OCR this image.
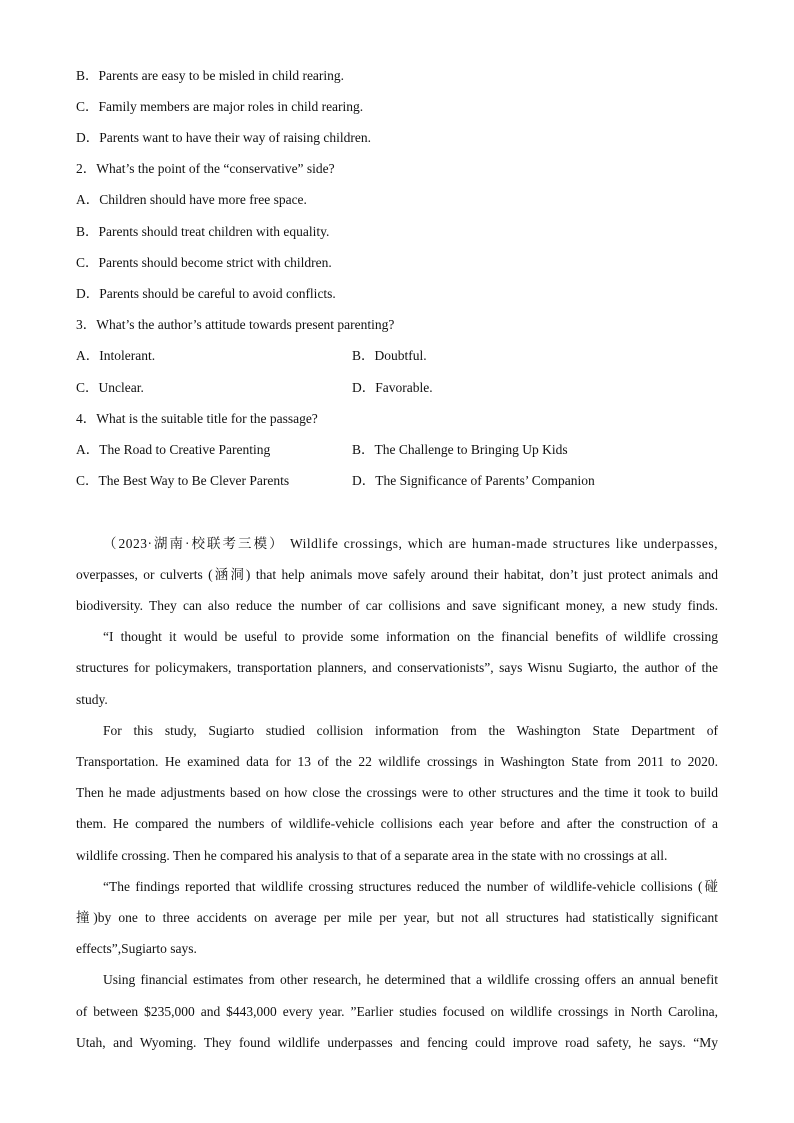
B．Parents are easy to be misled in child rearing.
C．Family members are major roles in child rearing.
D．Parents want to have their way of raising children.
2．What’s the point of the “conservative” side?
A．Children should have more free space.
B．Parents should treat children with equality.
C．Parents should become strict with children.
D．Parents should be careful to avoid conflicts.
3．What’s the author’s attitude towards present parenting?
A．Intolerant.	B．Doubtful.
C．Unclear.	D．Favorable.
4．What is the suitable title for the passage?
A．The Road to Creative Parenting	B．The Challenge to Bringing Up Kids
C．The Best Way to Be Clever Parents	D．The Significance of Parents’ Companion
（2023·湖南·校联考三模） Wildlife crossings, which are human-made structures like underpasses,
overpasses, or culverts (涵洞) that help animals move safely around their habitat, don’t just protect animals and
biodiversity. They can also reduce the number of car collisions and save significant money, a new study finds.
“I thought it would be useful to provide some information on the financial benefits of wildlife crossing
structures for policymakers, transportation planners, and conservationists”, says Wisnu Sugiarto, the author of the
study.
For this study, Sugiarto studied collision information from the Washington State Department of
Transportation. He examined data for 13 of the 22 wildlife crossings in Washington State from 2011 to 2020.
Then he made adjustments based on how close the crossings were to other structures and the time it took to build
them. He compared the numbers of wildlife-vehicle collisions each year before and after the construction of a
wildlife crossing. Then he compared his analysis to that of a separate area in the state with no crossings at all.
“The findings reported that wildlife crossing structures reduced the number of wildlife-vehicle collisions (碰
撞)by one to three accidents on average per mile per year, but not all structures had statistically significant
effects”,Sugiarto says.
Using financial estimates from other research, he determined that a wildlife crossing offers an annual benefit
of between $235,000 and $443,000 every year. ”Earlier studies focused on wildlife crossings in North Carolina,
Utah, and Wyoming. They found wildlife underpasses and fencing could improve road safety, he says. “My
